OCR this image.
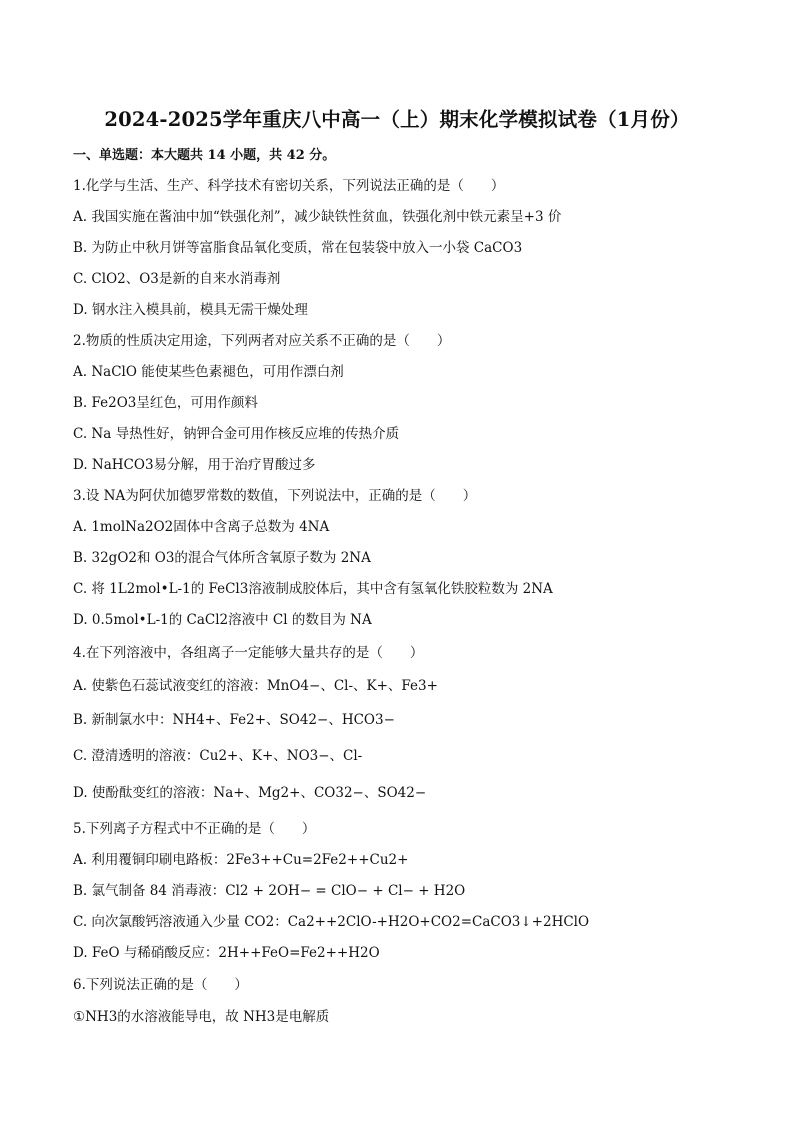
2024-2025学年重庆八中高一（上）期末化学模拟试卷（1月份）
一、单选题：本大题共 14 小题，共 42 分。
1.化学与生活、生产、科学技术有密切关系，下列说法正确的是（　　）
A. 我国实施在酱油中加“铁强化剂”，减少缺铁性贫血，铁强化剂中铁元素呈+3 价
B. 为防止中秋月饼等富脂食品氧化变质，常在包装袋中放入一小袋 CaCO3
C. ClO2、O3是新的自来水消毒剂
D. 钢水注入模具前，模具无需干燥处理
2.物质的性质决定用途，下列两者对应关系不正确的是（　　）
A. NaClO 能使某些色素褪色，可用作漂白剂
B. Fe2O3呈红色，可用作颜料
C. Na 导热性好，钠钾合金可用作核反应堆的传热介质
D. NaHCO3易分解，用于治疗胃酸过多
3.设 NA为阿伏加德罗常数的数值，下列说法中，正确的是（　　）
A. 1molNa2O2固体中含离子总数为 4NA
B. 32gO2和 O3的混合气体所含氧原子数为 2NA
C. 将 1L2mol•L-1的 FeCl3溶液制成胶体后，其中含有氢氧化铁胶粒数为 2NA
D. 0.5mol•L-1的 CaCl2溶液中 Cl 的数目为 NA
4.在下列溶液中，各组离子一定能够大量共存的是（　　）
A. 使紫色石蕊试液变红的溶液：MnO4−、Cl-、K+、Fe3+
B. 新制氯水中：NH4+、Fe2+、SO42−、HCO3−
C. 澄清透明的溶液：Cu2+、K+、NO3−、Cl-
D. 使酚酞变红的溶液：Na+、Mg2+、CO32−、SO42−
5.下列离子方程式中不正确的是（　　）
A. 利用覆铜印刷电路板：2Fe3++Cu=2Fe2++Cu2+
B. 氯气制备 84 消毒液：Cl2 + 2OH− = ClO− + Cl− + H2O
C. 向次氯酸钙溶液通入少量 CO2：Ca2++2ClO-+H2O+CO2=CaCO3↓+2HClO
D. FeO 与稀硝酸反应：2H++FeO=Fe2++H2O
6.下列说法正确的是（　　）
①NH3的水溶液能导电，故 NH3是电解质
